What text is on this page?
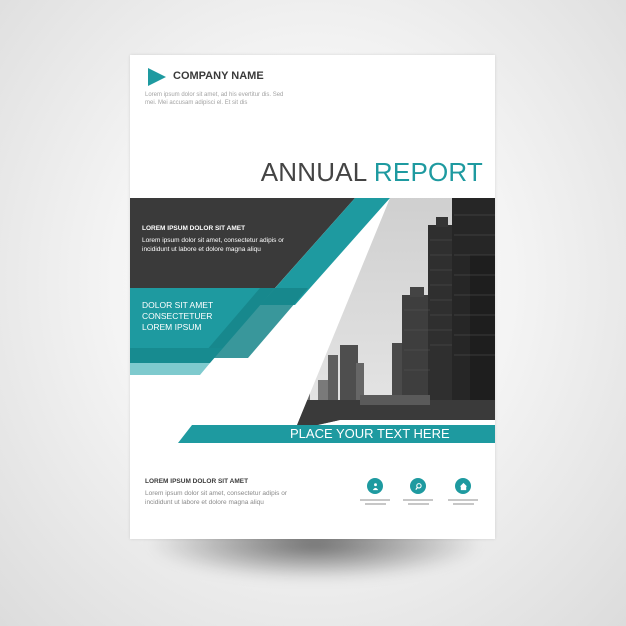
COMPANY NAME
Lorem ipsum dolor sit amet, ad his evertitur dis. Sed mei. Mei accusam adipisci el. Et sit dis
ANNUAL REPORT
LOREM IPSUM DOLOR SIT AMET
Lorem ipsum dolor sit amet, consectetur adipis or incididunt ut labore et dolore magna aliqu
DOLOR SIT AMET
CONSECTETUER
LOREM IPSUM
PLACE YOUR TEXT HERE
LOREM IPSUM DOLOR SIT AMET
Lorem ipsum dolor sit amet, consectetur adipis or incididunt ut labore et dolore magna aliqu
